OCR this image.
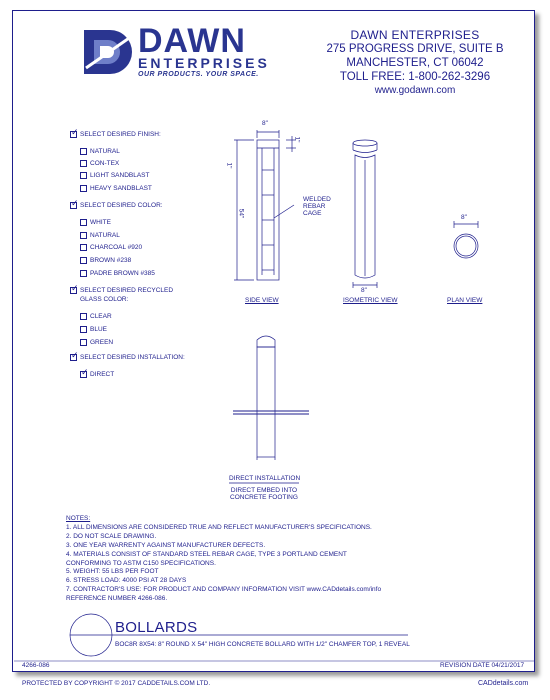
DAWN
ENTERPRISES
OUR PRODUCTS. YOUR SPACE.
DAWN ENTERPRISES
275 PROGRESS DRIVE, SUITE B
MANCHESTER, CT 06042
TOLL FREE: 1-800-262-3296
www.godawn.com
✓SELECT DESIRED FINISH:
NATURAL
CON-TEX
LIGHT SANDBLAST
HEAVY SANDBLAST
✓SELECT DESIRED COLOR:
WHITE
NATURAL
CHARCOAL #920
BROWN #238
PADRE BROWN #385
✓SELECT DESIRED RECYCLED
GLASS COLOR:
CLEAR
BLUE
GREEN
✓SELECT DESIRED INSTALLATION:
✓DIRECT
8"
1"
1"
54"
WELDED
REBAR
CAGE
8"
8"
SIDE VIEW	ISOMETRIC VIEW	PLAN VIEW
DIRECT INSTALLATION
DIRECT EMBED INTO
CONCRETE FOOTING
NOTES:
1. ALL DIMENSIONS ARE CONSIDERED TRUE AND REFLECT MANUFACTURER'S SPECIFICATIONS.
2. DO NOT SCALE DRAWING.
3. ONE YEAR WARRENTY AGAINST MANUFACTURER DEFECTS.
4. MATERIALS CONSIST OF STANDARD STEEL REBAR CAGE, TYPE 3 PORTLAND CEMENT
CONFORMING TO ASTM C150 SPECIFICATIONS.
5. WEIGHT: 55 LBS PER FOOT
6. STRESS LOAD: 4000 PSI AT 28 DAYS
7. CONTRACTOR'S USE: FOR PRODUCT AND COMPANY INFORMATION VISIT www.CADdetails.com/info
REFERENCE NUMBER 4266-086.
BOLLARDS
BOC8R 8X54: 8" ROUND X 54" HIGH CONCRETE BOLLARD WITH 1/2" CHAMFER TOP, 1 REVEAL
4266-086	REVISION DATE 04/21/2017
PROTECTED BY COPYRIGHT © 2017 CADDETAILS.COM LTD.	CADdetails.com
